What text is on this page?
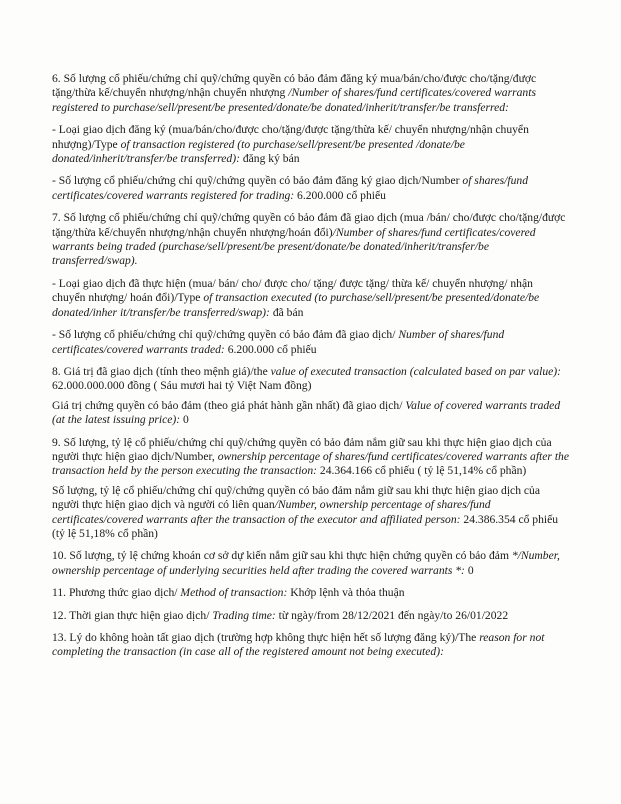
6. Số lượng cổ phiếu/chứng chỉ quỹ/chứng quyền có bảo đảm đăng ký mua/bán/cho/được cho/tặng/được tặng/thừa kế/chuyển nhượng/nhận chuyển nhượng /Number of shares/fund certificates/covered warrants registered to purchase/sell/present/be presented/donate/be donated/inherit/transfer/be transferred:

- Loại giao dịch đăng ký (mua/bán/cho/được cho/tặng/được tặng/thừa kế/ chuyển nhượng/nhận chuyển nhượng)/Type of transaction registered (to purchase/sell/present/be presented /donate/be donated/inherit/transfer/be transferred): đăng ký bán

- Số lượng cổ phiếu/chứng chỉ quỹ/chứng quyền có bảo đảm đăng ký giao dịch/Number of shares/fund certificates/covered warrants registered for trading: 6.200.000 cổ phiếu

7. Số lượng cổ phiếu/chứng chỉ quỹ/chứng quyền có bảo đảm đã giao dịch (mua /bán/ cho/được cho/tặng/được tặng/thừa kế/chuyển nhượng/nhận chuyển nhượng/hoán đổi)/Number of shares/fund certificates/covered warrants being traded (purchase/sell/present/be present/donate/be donated/inherit/transfer/be transferred/swap).

- Loại giao dịch đã thực hiện (mua/ bán/ cho/ được cho/ tặng/ được tặng/ thừa kế/ chuyển nhượng/ nhận chuyển nhượng/ hoán đổi)/Type of transaction executed (to purchase/sell/present/be presented/donate/be donated/inher it/transfer/be transferred/swap): đã bán

- Số lượng cổ phiếu/chứng chỉ quỹ/chứng quyền có bảo đảm đã giao dịch/ Number of shares/fund certificates/covered warrants traded: 6.200.000 cổ phiếu

8. Giá trị đã giao dịch (tính theo mệnh giá)/the value of executed transaction (calculated based on par value): 62.000.000.000 đồng ( Sáu mươi hai tỷ Việt Nam đồng)

Giá trị chứng quyền có bảo đảm (theo giá phát hành gần nhất) đã giao dịch/ Value of covered warrants traded (at the latest issuing price): 0

9. Số lượng, tỷ lệ cổ phiếu/chứng chỉ quỹ/chứng quyền có bảo đảm nắm giữ sau khi thực hiện giao dịch của người thực hiện giao dịch/Number, ownership percentage of shares/fund certificates/covered warrants after the transaction held by the person executing the transaction: 24.364.166 cổ phiếu ( tỷ lệ 51,14% cổ phần)

Số lượng, tỷ lệ cổ phiếu/chứng chỉ quỹ/chứng quyền có bảo đảm nắm giữ sau khi thực hiện giao dịch của người thực hiện giao dịch và người có liên quan/Number, ownership percentage of shares/fund certificates/covered warrants after the transaction of the executor and affiliated person: 24.386.354 cổ phiếu (tỷ lệ 51,18% cổ phần)

10. Số lượng, tỷ lệ chứng khoán cơ sở dự kiến nắm giữ sau khi thực hiện chứng quyền có bảo đảm */Number, ownership percentage of underlying securities held after trading the covered warrants *: 0

11. Phương thức giao dịch/ Method of transaction: Khớp lệnh và thỏa thuận

12. Thời gian thực hiện giao dịch/ Trading time: từ ngày/from 28/12/2021 đến ngày/to 26/01/2022

13. Lý do không hoàn tất giao dịch (trường hợp không thực hiện hết số lượng đăng ký)/The reason for not completing the transaction (in case all of the registered amount not being executed):
